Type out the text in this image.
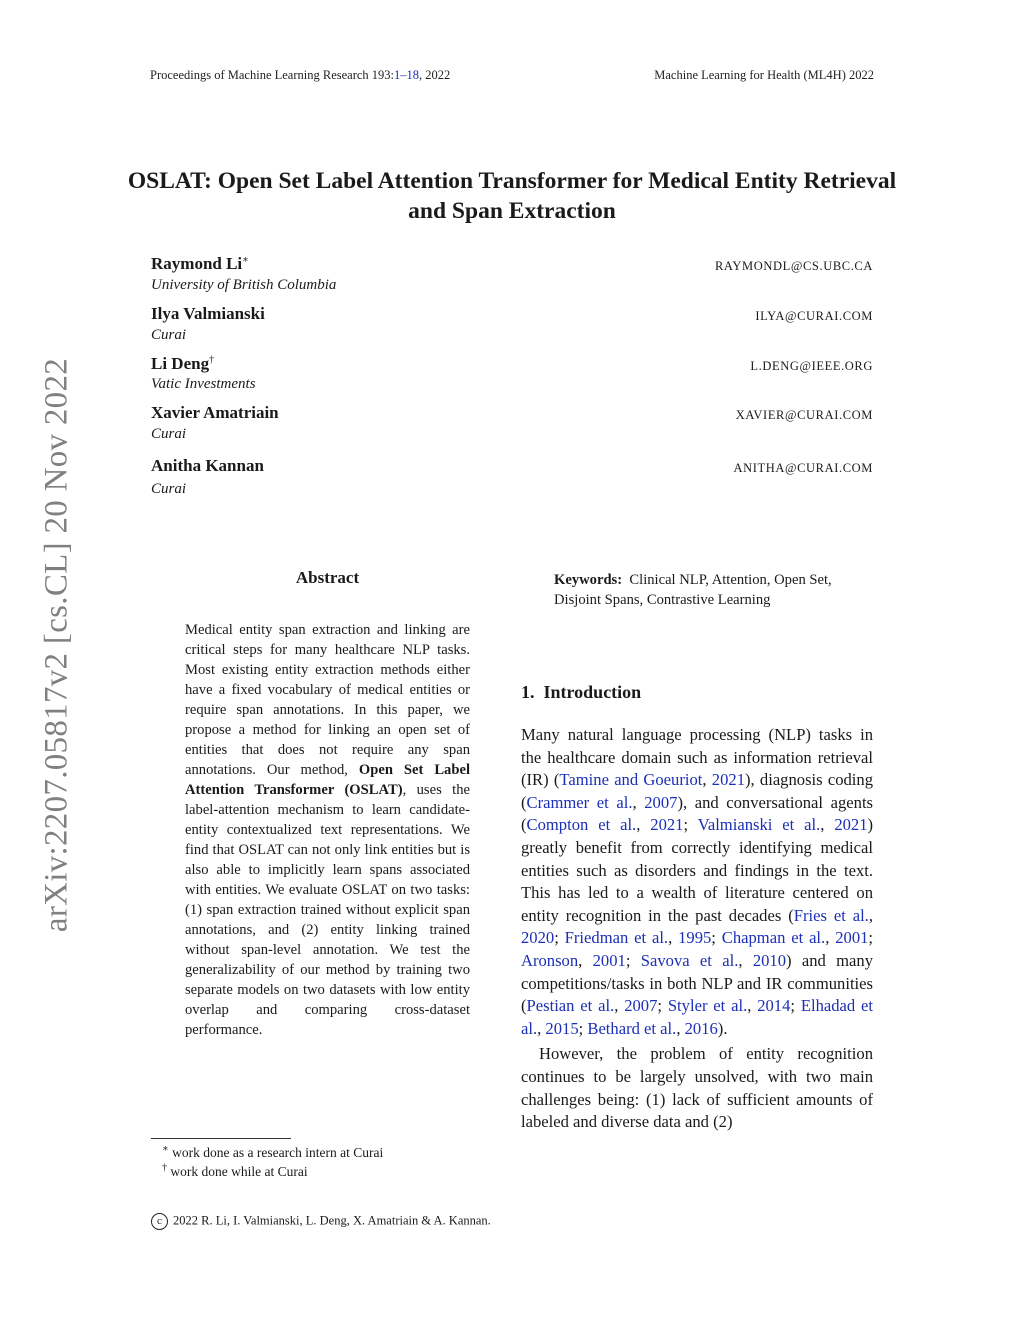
Proceedings of Machine Learning Research 193:1–18, 2022	Machine Learning for Health (ML4H) 2022
OSLAT: Open Set Label Attention Transformer for Medical Entity Retrieval and Span Extraction
Raymond Li∗	RAYMONDL@CS.UBC.CA
University of British Columbia
Ilya Valmianski	ILYA@CURAI.COM
Curai
Li Deng†	L.DENG@IEEE.ORG
Vatic Investments
Xavier Amatriain	XAVIER@CURAI.COM
Curai
Anitha Kannan	ANITHA@CURAI.COM
Curai
arXiv:2207.05817v2 [cs.CL] 20 Nov 2022	Abstract
Medical entity span extraction and linking are critical steps for many healthcare NLP tasks. Most existing entity extraction methods either have a fixed vocabulary of medical entities or require span annotations. In this paper, we propose a method for linking an open set of entities that does not require any span annotations. Our method, Open Set Label Attention Transformer (OSLAT), uses the label-attention mechanism to learn candidate-entity contextualized text representations. We find that OSLAT can not only link entities but is also able to implicitly learn spans associated with entities. We evaluate OSLAT on two tasks: (1) span extraction trained without explicit span annotations, and (2) entity linking trained without span-level annotation. We test the generalizability of our method by training two separate models on two datasets with low entity overlap and comparing cross-dataset performance.
Keywords: Clinical NLP, Attention, Open Set, Disjoint Spans, Contrastive Learning
1.  Introduction

Many natural language processing (NLP) tasks in the healthcare domain such as information retrieval (IR) (Tamine and Goeuriot, 2021), diagnosis coding (Crammer et al., 2007), and conversational agents (Compton et al., 2021; Valmianski et al., 2021) greatly benefit from correctly identifying medical entities such as disorders and findings in the text. This has led to a wealth of literature centered on entity recognition in the past decades (Fries et al., 2020; Friedman et al., 1995; Chapman et al., 2001; Aronson, 2001; Savova et al., 2010) and many competitions/tasks in both NLP and IR communities (Pestian et al., 2007; Styler et al., 2014; Elhadad et al., 2015; Bethard et al., 2016).

However, the problem of entity recognition continues to be largely unsolved, with two main challenges being: (1) lack of sufficient amounts of labeled and diverse data and (2)

∗ work done as a research intern at Curai
† work done while at Curai
c 2022 R. Li, I. Valmianski, L. Deng, X. Amatriain & A. Kannan.
